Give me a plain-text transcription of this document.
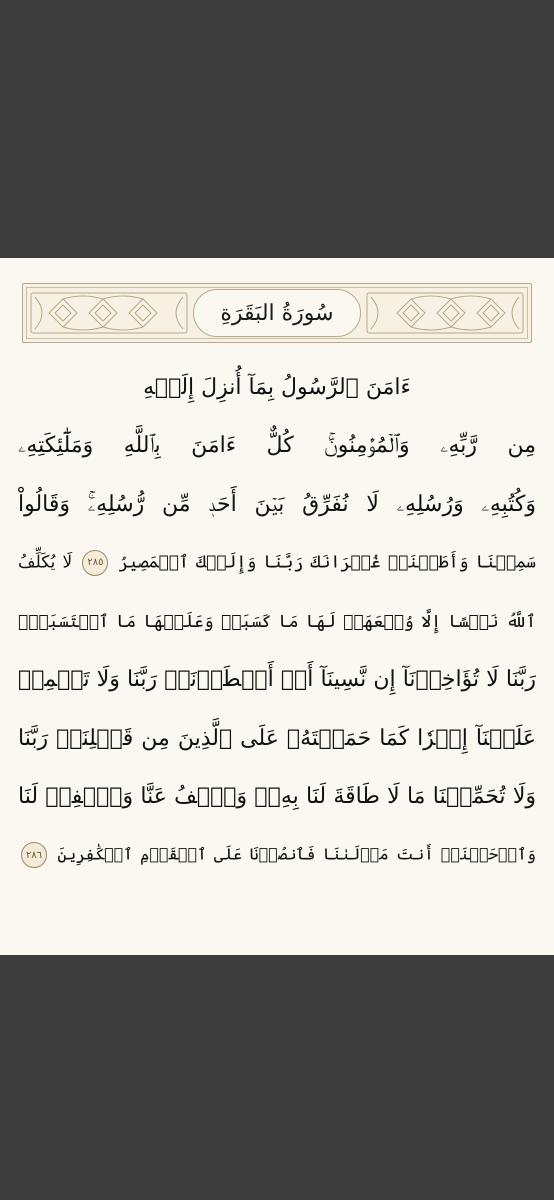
سُورَةُ البَقَرَةِ
ءَامَنَ ٱلرَّسُولُ بِمَآ أُنزِلَ إِلَيۡهِ
مِن رَّبِّهِۦ وَٱلۡمُؤۡمِنُونَۚ كُلٌّ ءَامَنَ بِٱللَّهِ وَمَلَٰٓئِكَتِهِۦ
وَكُتُبِهِۦ وَرُسُلِهِۦ لَا نُفَرِّقُ بَيۡنَ أَحَدٖ مِّن رُّسُلِهِۦۚ وَقَالُواْ
سَمِعۡنَا وَأَطَعۡنَاۖ غُفۡرَانَكَ رَبَّنَا وَإِلَيۡكَ ٱلۡمَصِيرُ ٢٨٥ لَا يُكَلِّفُ
ٱللَّهُ نَفۡسًا إِلَّا وُسۡعَهَاۚ لَهَا مَا كَسَبَتۡ وَعَلَيۡهَا مَا ٱكۡتَسَبَتۡۗ
رَبَّنَا لَا تُؤَاخِذۡنَآ إِن نَّسِينَآ أَوۡ أَخۡطَأۡنَاۚ رَبَّنَا وَلَا تَحۡمِلۡ
عَلَيۡنَآ إِصۡرٗا كَمَا حَمَلۡتَهُۥ عَلَى ٱلَّذِينَ مِن قَبۡلِنَاۚ رَبَّنَا
وَلَا تُحَمِّلۡنَا مَا لَا طَاقَةَ لَنَا بِهِۦۖ وَٱعۡفُ عَنَّا وَٱغۡفِرۡ لَنَا
وَٱرۡحَمۡنَآۚ أَنتَ مَوۡلَىٰنَا فَٱنصُرۡنَا عَلَى ٱلۡقَوۡمِ ٱلۡكَٰفِرِينَ ٢٨٦
